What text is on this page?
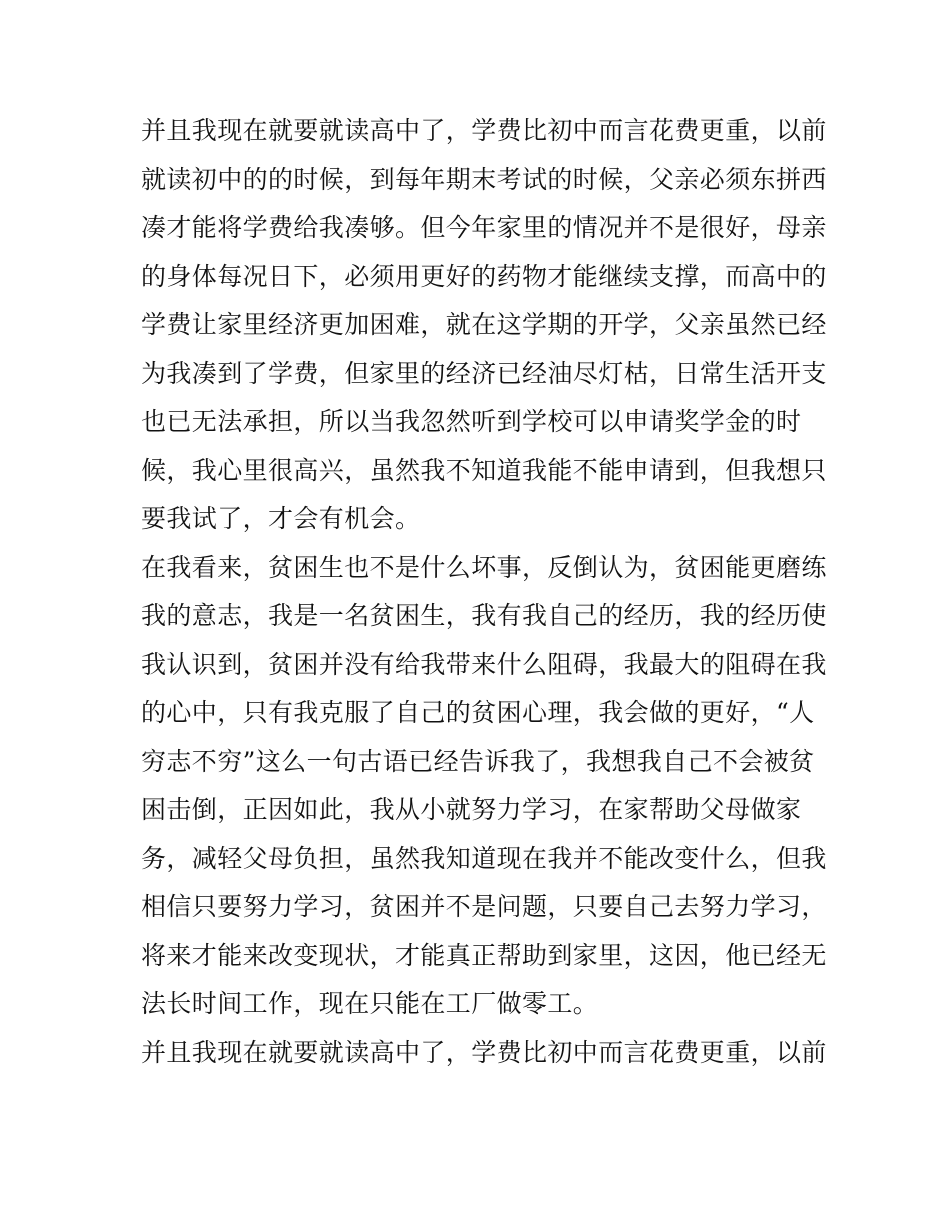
并且我现在就要就读高中了，学费比初中而言花费更重，以前
就读初中的的时候，到每年期末考试的时候，父亲必须东拼西
凑才能将学费给我凑够。但今年家里的情况并不是很好，母亲
的身体每况日下，必须用更好的药物才能继续支撑，而高中的
学费让家里经济更加困难，就在这学期的开学，父亲虽然已经
为我凑到了学费，但家里的经济已经油尽灯枯，日常生活开支
也已无法承担，所以当我忽然听到学校可以申请奖学金的时
候，我心里很高兴，虽然我不知道我能不能申请到，但我想只
要我试了，才会有机会。
在我看来，贫困生也不是什么坏事，反倒认为，贫困能更磨练
我的意志，我是一名贫困生，我有我自己的经历，我的经历使
我认识到，贫困并没有给我带来什么阻碍，我最大的阻碍在我
的心中，只有我克服了自己的贫困心理，我会做的更好，“人
穷志不穷”这么一句古语已经告诉我了，我想我自己不会被贫
困击倒，正因如此，我从小就努力学习，在家帮助父母做家
务，减轻父母负担，虽然我知道现在我并不能改变什么，但我
相信只要努力学习，贫困并不是问题，只要自己去努力学习，
将来才能来改变现状，才能真正帮助到家里，这因，他已经无
法长时间工作，现在只能在工厂做零工。
并且我现在就要就读高中了，学费比初中而言花费更重，以前
